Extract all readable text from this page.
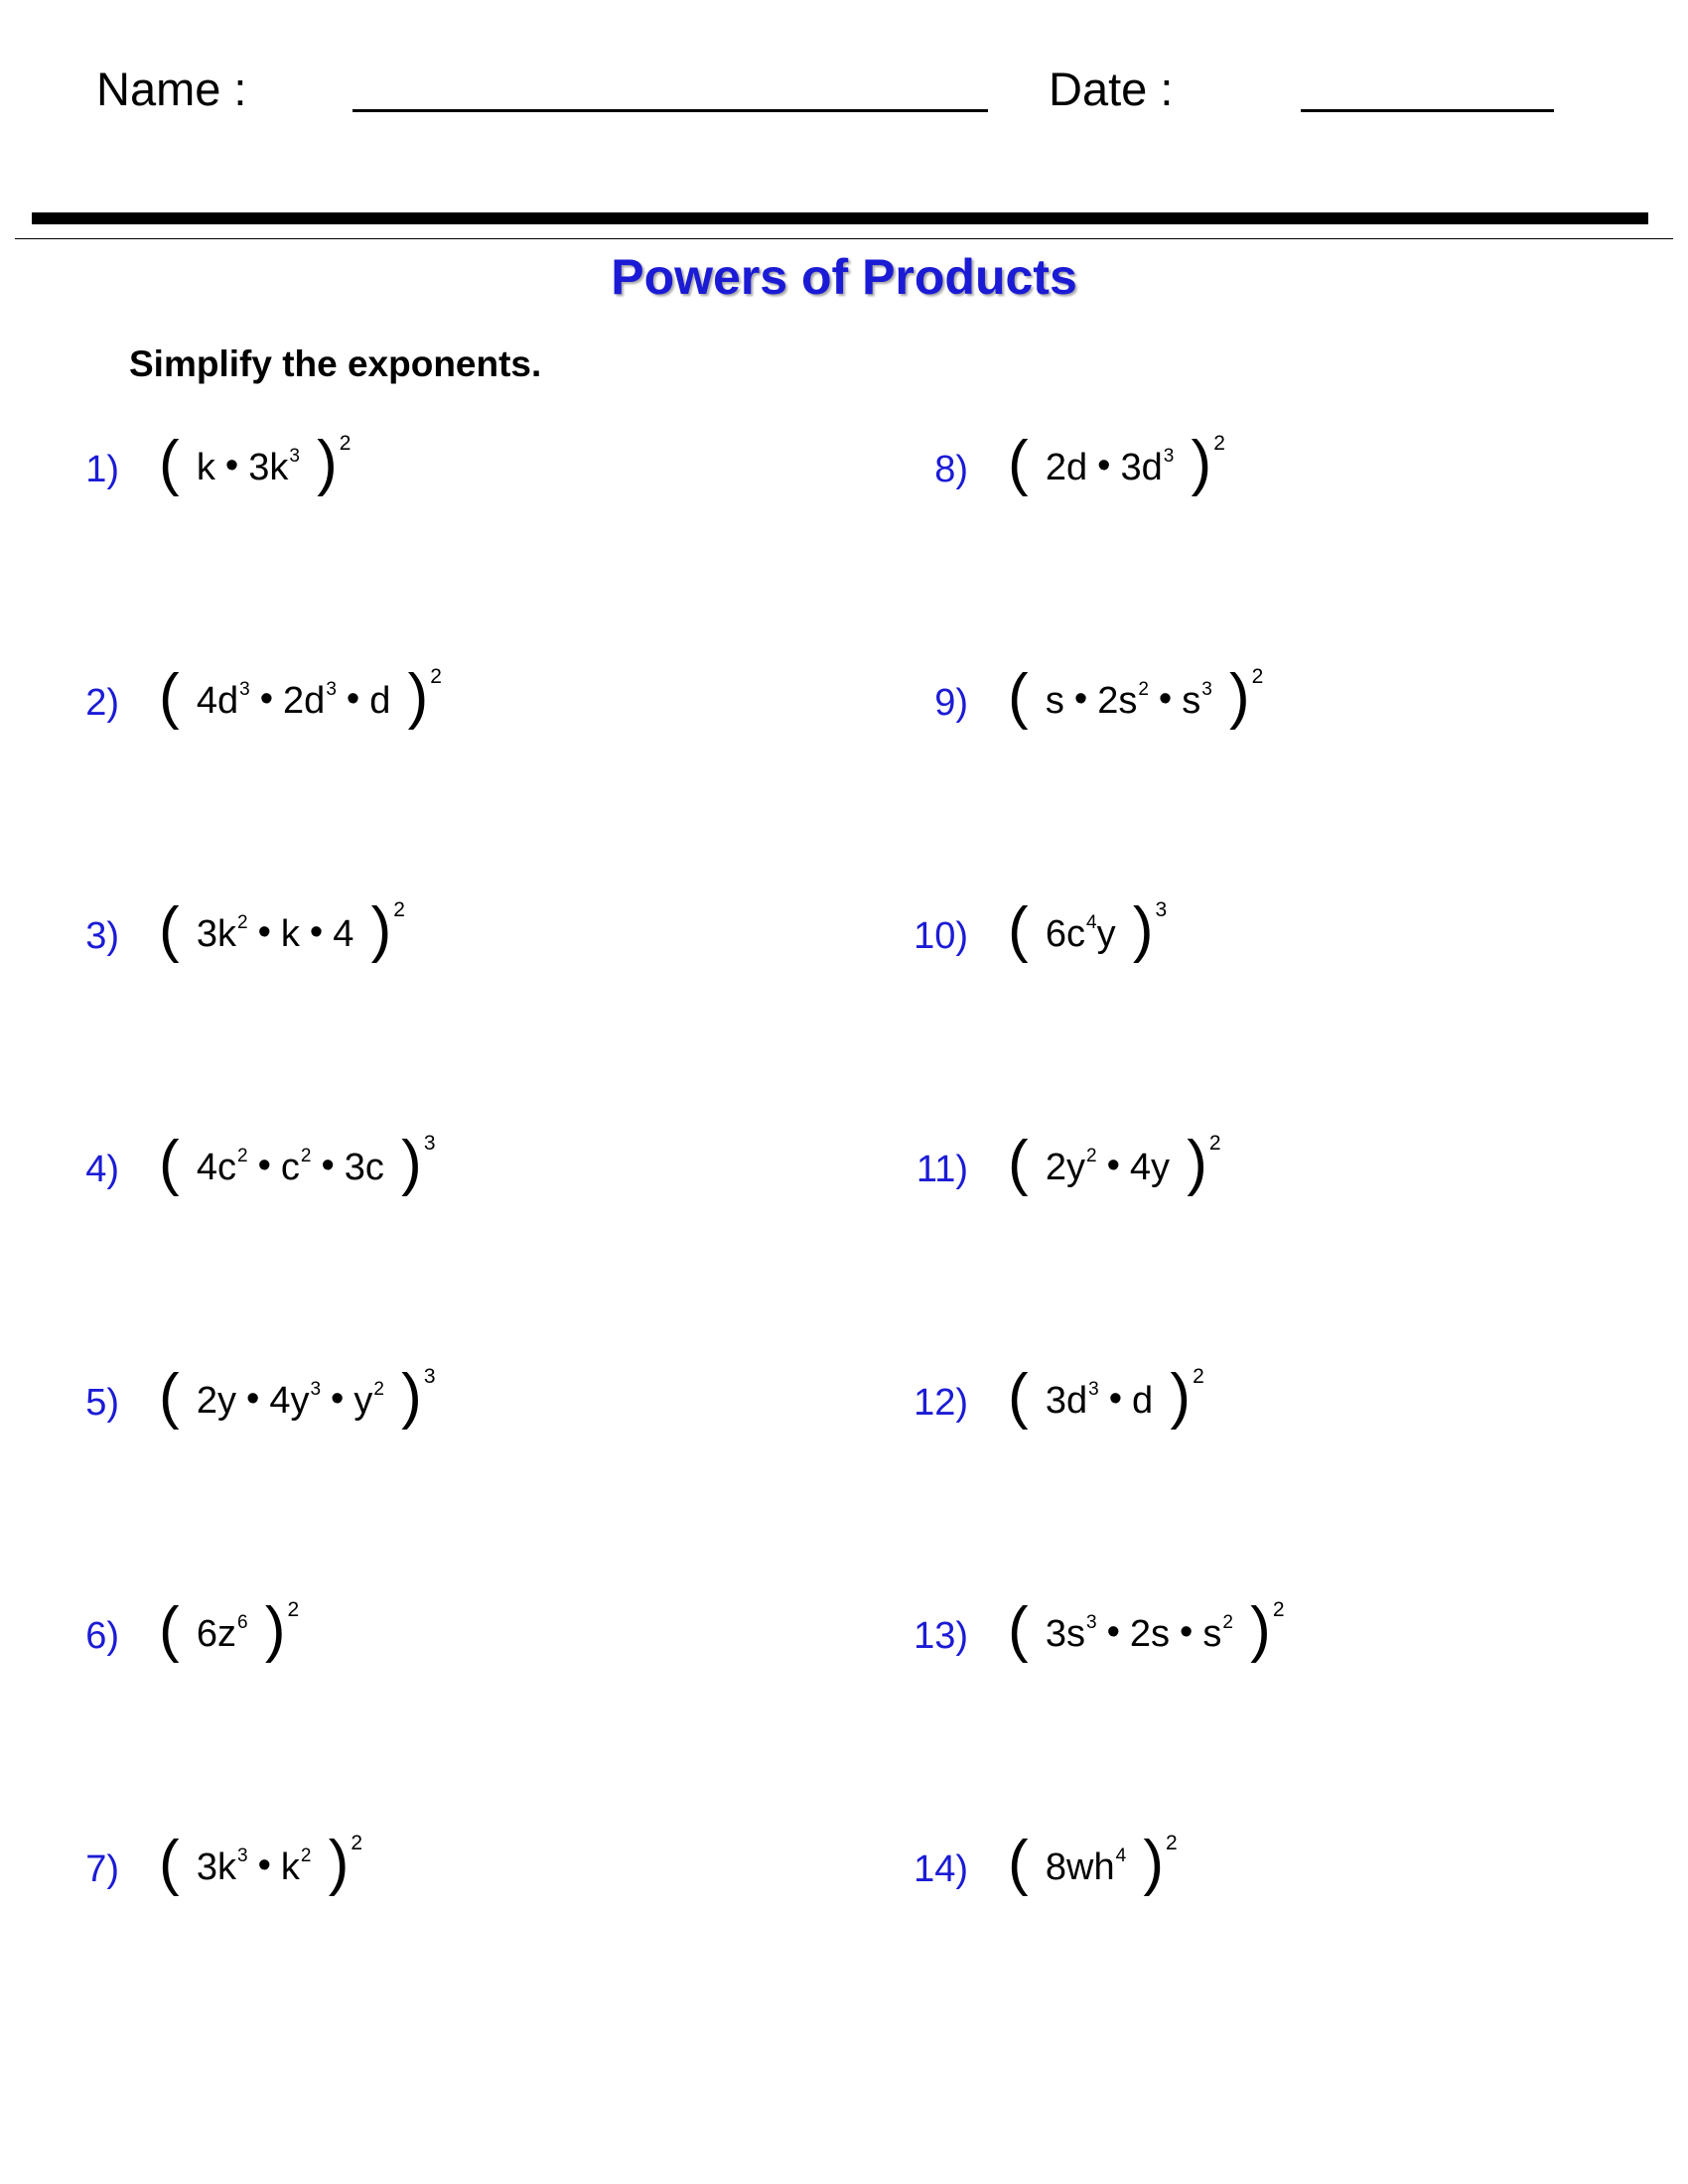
Name :	Date :
Powers of Products
Simplify the exponents.
1) ( k • $3k^3$ )$^2$
2) ( $4d^3$ • $2d^3$ • d )$^2$
3) ( $3k^2$ • k • 4 )$^2$
4) ( $4c^2$ • $c^2$ • 3c )$^3$
5) ( 2y • $4y^3$ • $y^2$ )$^3$
6) ( $6z^6$ )$^2$
7) ( $3k^3$ • $k^2$ )$^2$
8) ( 2d • $3d^3$ )$^2$
9) ( s • $2s^2$ • $s^3$ )$^2$
10) ( $6c^4y$ )$^3$
11) ( $2y^2$ • 4y )$^2$
12) ( $3d^3$ • d )$^2$
13) ( $3s^3$ • 2s • $s^2$ )$^2$
14) ( $8wh^4$ )$^2$
